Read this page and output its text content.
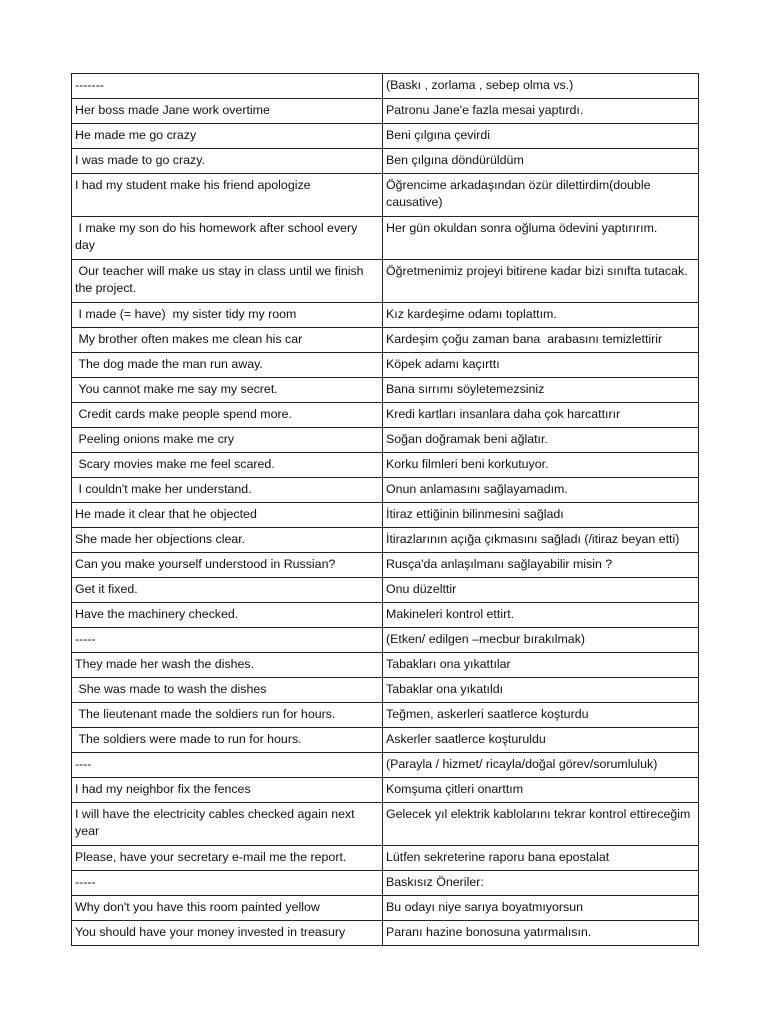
-------	(Baskı , zorlama , sebep olma vs.)
Her boss made Jane work overtime	Patronu Jane'e fazla mesai yaptırdı.
He made me go crazy	Beni çılgına çevirdi
I was made to go crazy.	Ben çılgına döndürüldüm
I had my student make his friend apologize	Öğrencime arkadaşından özür dilettirdim(double causative)
I make my son do his homework after school every day	Her gün okuldan sonra oğluma ödevini yaptırırım.
Our teacher will make us stay in class until we finish the project.	Öğretmenimiz projeyi bitirene kadar bizi sınıfta tutacak.
I made (= have)  my sister tidy my room	Kız kardeşime odamı toplattım.
My brother often makes me clean his car	Kardeşim çoğu zaman bana  arabasını temizlettirir
The dog made the man run away.	Köpek adamı kaçırttı
You cannot make me say my secret.	Bana sırrımı söyletemezsiniz
Credit cards make people spend more.	Kredi kartları insanlara daha çok harcattırır
Peeling onions make me cry	Soğan doğramak beni ağlatır.
Scary movies make me feel scared.	Korku filmleri beni korkutuyor.
I couldn't make her understand.	Onun anlamasını sağlayamadım.
He made it clear that he objected	İtiraz ettiğinin bilinmesini sağladı
She made her objections clear.	İtirazlarının açığa çıkmasını sağladı (/itiraz beyan etti)
Can you make yourself understood in Russian?	Rusça'da anlaşılmanı sağlayabilir misin ?
Get it fixed.	Onu düzelttir
Have the machinery checked.	Makineleri kontrol ettirt.
-----	(Etken/ edilgen –mecbur bırakılmak)
They made her wash the dishes.	Tabakları ona yıkattılar
She was made to wash the dishes	Tabaklar ona yıkatıldı
The lieutenant made the soldiers run for hours.	Teğmen, askerleri saatlerce koşturdu
The soldiers were made to run for hours.	Askerler saatlerce koşturuldu
----	(Parayla / hizmet/ ricayla/doğal görev/sorumluluk)
I had my neighbor fix the fences	Komşuma çitleri onarttım
I will have the electricity cables checked again next year	Gelecek yıl elektrik kablolarını tekrar kontrol ettireceğim
Please, have your secretary e-mail me the report.	Lütfen sekreterine raporu bana epostalat
-----	Baskısız Öneriler:
Why don't you have this room painted yellow	Bu odayı niye sarıya boyatmıyorsun
You should have your money invested in treasury	Paranı hazine bonosuna yatırmalısın.
